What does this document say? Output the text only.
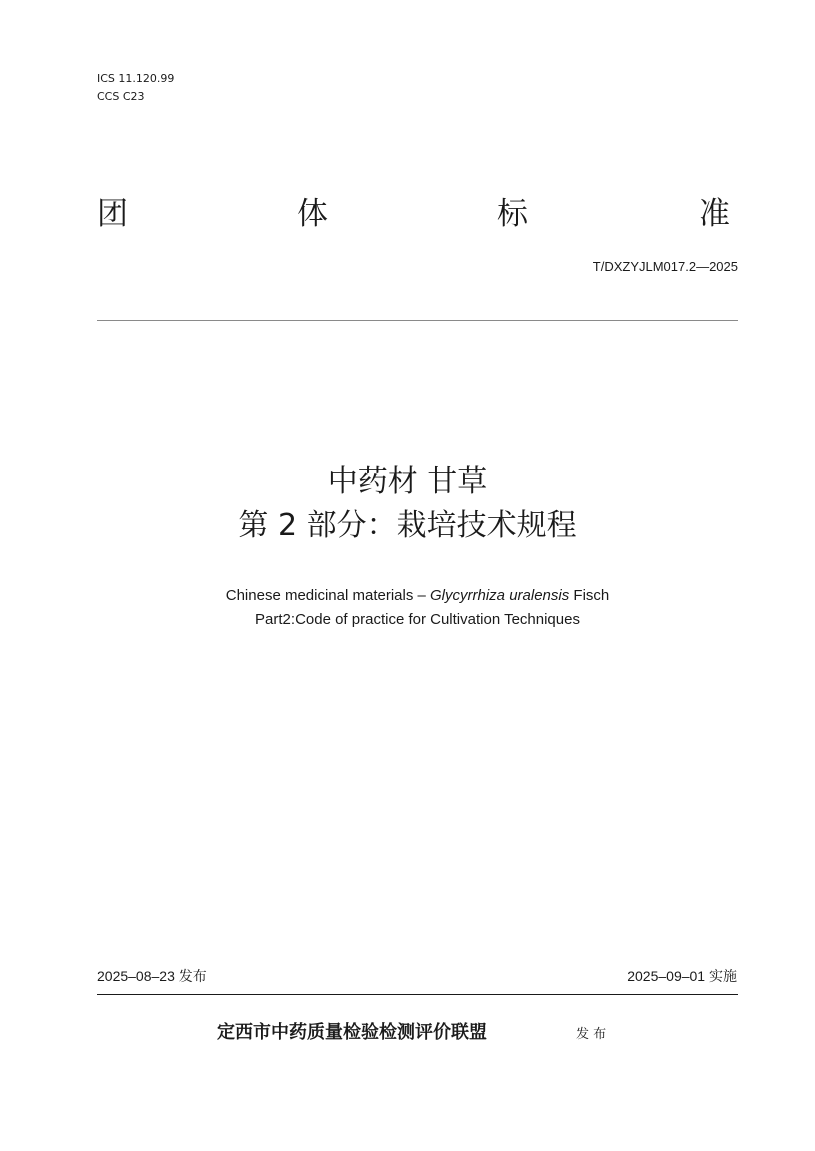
ICS 11.120.99
CCS C23
团	体	标	准
T/DXZYJLM017.2—2025
中药材 甘草
第 2 部分：栽培技术规程
Chinese medicinal materials – Glycyrrhiza uralensis Fisch
Part2:Code of practice for Cultivation Techniques
2025–08–23 发布	2025–09–01 实施
定西市中药质量检验检测评价联盟	发 布
